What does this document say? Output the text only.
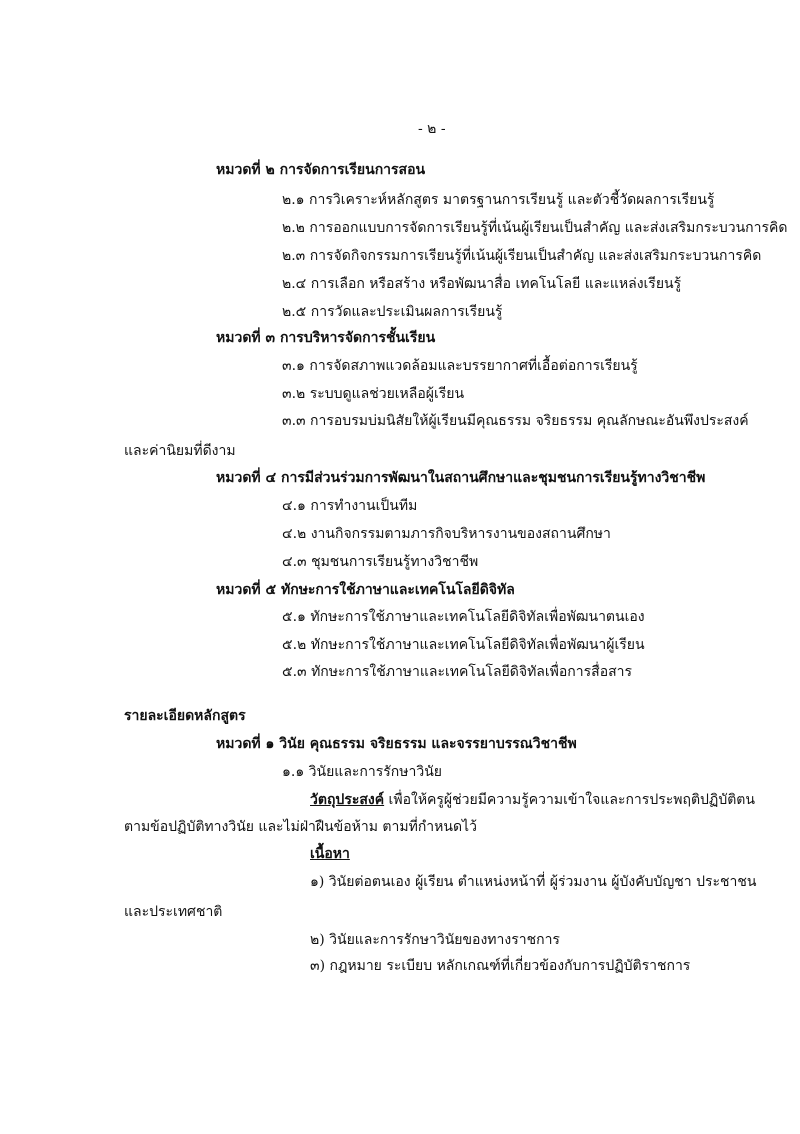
- ๒ -
หมวดที่ ๒ การจัดการเรียนการสอน
๒.๑ การวิเคราะห์หลักสูตร มาตรฐานการเรียนรู้ และตัวชี้วัดผลการเรียนรู้
๒.๒ การออกแบบการจัดการเรียนรู้ที่เน้นผู้เรียนเป็นสำคัญ และส่งเสริมกระบวนการคิด
๒.๓ การจัดกิจกรรมการเรียนรู้ที่เน้นผู้เรียนเป็นสำคัญ และส่งเสริมกระบวนการคิด
๒.๔ การเลือก หรือสร้าง หรือพัฒนาสื่อ เทคโนโลยี และแหล่งเรียนรู้
๒.๕ การวัดและประเมินผลการเรียนรู้
หมวดที่ ๓ การบริหารจัดการชั้นเรียน
๓.๑ การจัดสภาพแวดล้อมและบรรยากาศที่เอื้อต่อการเรียนรู้
๓.๒ ระบบดูแลช่วยเหลือผู้เรียน
๓.๓ การอบรมบ่มนิสัยให้ผู้เรียนมีคุณธรรม จริยธรรม คุณลักษณะอันพึงประสงค์
และค่านิยมที่ดีงาม
หมวดที่ ๔ การมีส่วนร่วมการพัฒนาในสถานศึกษาและชุมชนการเรียนรู้ทางวิชาชีพ
๔.๑ การทำงานเป็นทีม
๔.๒ งานกิจกรรมตามภารกิจบริหารงานของสถานศึกษา
๔.๓ ชุมชนการเรียนรู้ทางวิชาชีพ
หมวดที่ ๕ ทักษะการใช้ภาษาและเทคโนโลยีดิจิทัล
๕.๑ ทักษะการใช้ภาษาและเทคโนโลยีดิจิทัลเพื่อพัฒนาตนเอง
๕.๒ ทักษะการใช้ภาษาและเทคโนโลยีดิจิทัลเพื่อพัฒนาผู้เรียน
๕.๓ ทักษะการใช้ภาษาและเทคโนโลยีดิจิทัลเพื่อการสื่อสาร
รายละเอียดหลักสูตร
หมวดที่ ๑ วินัย คุณธรรม จริยธรรม และจรรยาบรรณวิชาชีพ
๑.๑ วินัยและการรักษาวินัย
วัตถุประสงค์ เพื่อให้ครูผู้ช่วยมีความรู้ความเข้าใจและการประพฤติปฏิบัติตน
ตามข้อปฏิบัติทางวินัย และไม่ฝ่าฝืนข้อห้าม ตามที่กำหนดไว้
เนื้อหา
๑) วินัยต่อตนเอง ผู้เรียน ตำแหน่งหน้าที่ ผู้ร่วมงาน ผู้บังคับบัญชา ประชาชน
และประเทศชาติ
๒) วินัยและการรักษาวินัยของทางราชการ
๓) กฎหมาย ระเบียบ หลักเกณฑ์ที่เกี่ยวข้องกับการปฏิบัติราชการ
